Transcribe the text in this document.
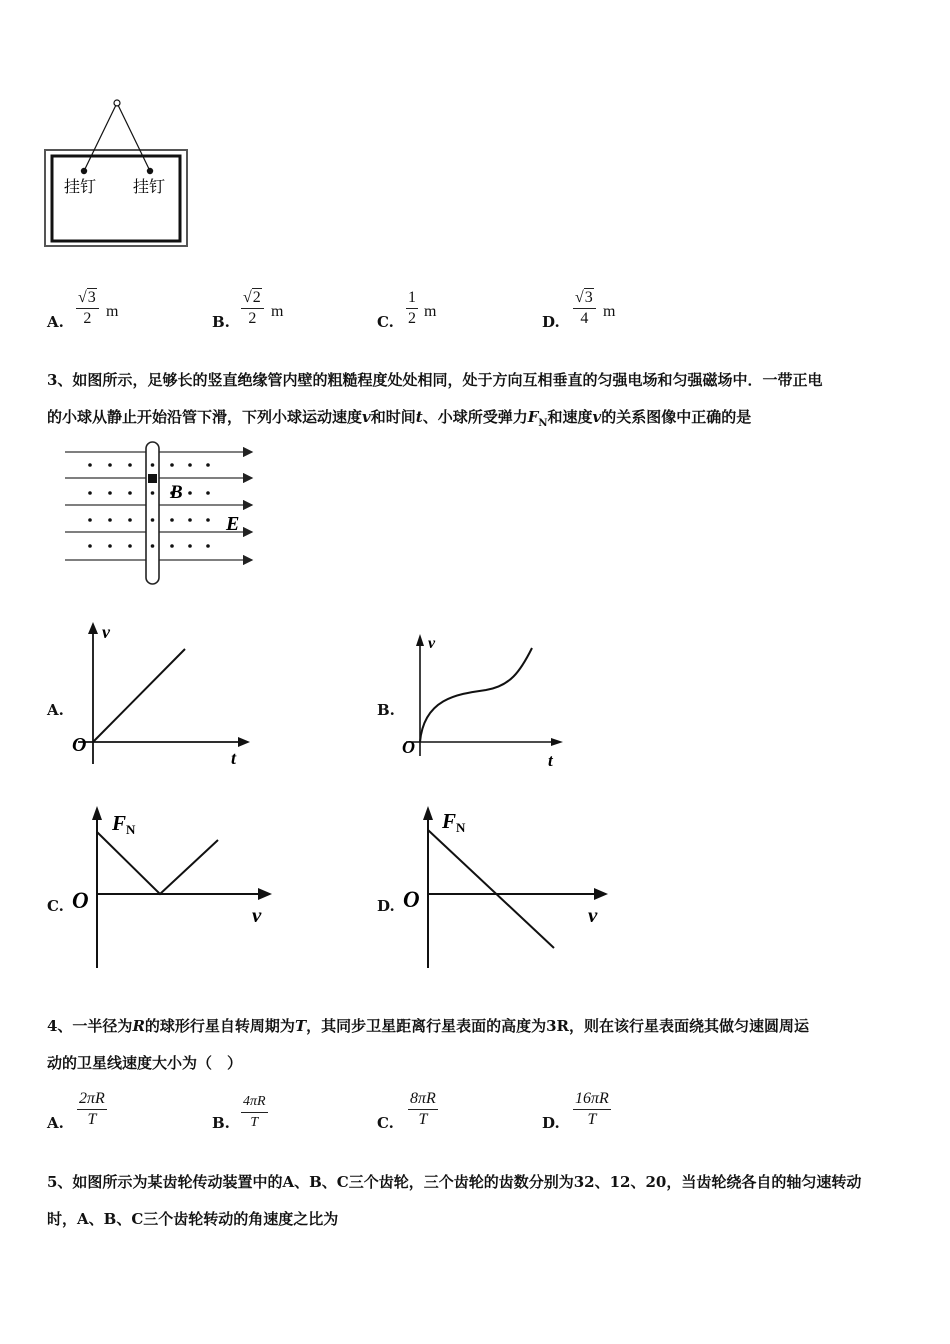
挂钉 挂钉
A. $\frac{√3}{2}$ m
B. $\frac{√2}{2}$ m
C. $\frac{1}{2}$ m
D. $\frac{√3}{4}$ m
3、如图所示，足够长的竖直绝缘管内壁的粗糙程度处处相同，处于方向互相垂直的匀强电场和匀强磁场中．一带正电
的小球从静止开始沿管下滑，下列小球运动速度v和时间t、小球所受弹力$F_N$和速度v的关系图像中正确的是
B
E
A.
v
t
O
B.
v
t
O
C.
FN
v
O	D.
FN
v
O
4、一半径为R的球形行星自转周期为T，其同步卫星距离行星表面的高度为3R，则在该行星表面绕其做匀速圆周运
动的卫星线速度大小为（　）
A. $\frac{2\pi R}{T}$	B. $\frac{4\pi R}{T}$	C. $\frac{8\pi R}{T}$	D. $\frac{16\pi R}{T}$
5、如图所示为某齿轮传动装置中的A、B、C三个齿轮，三个齿轮的齿数分别为32、12、20，当齿轮绕各自的轴匀速转动
时，A、B、C三个齿轮转动的角速度之比为
